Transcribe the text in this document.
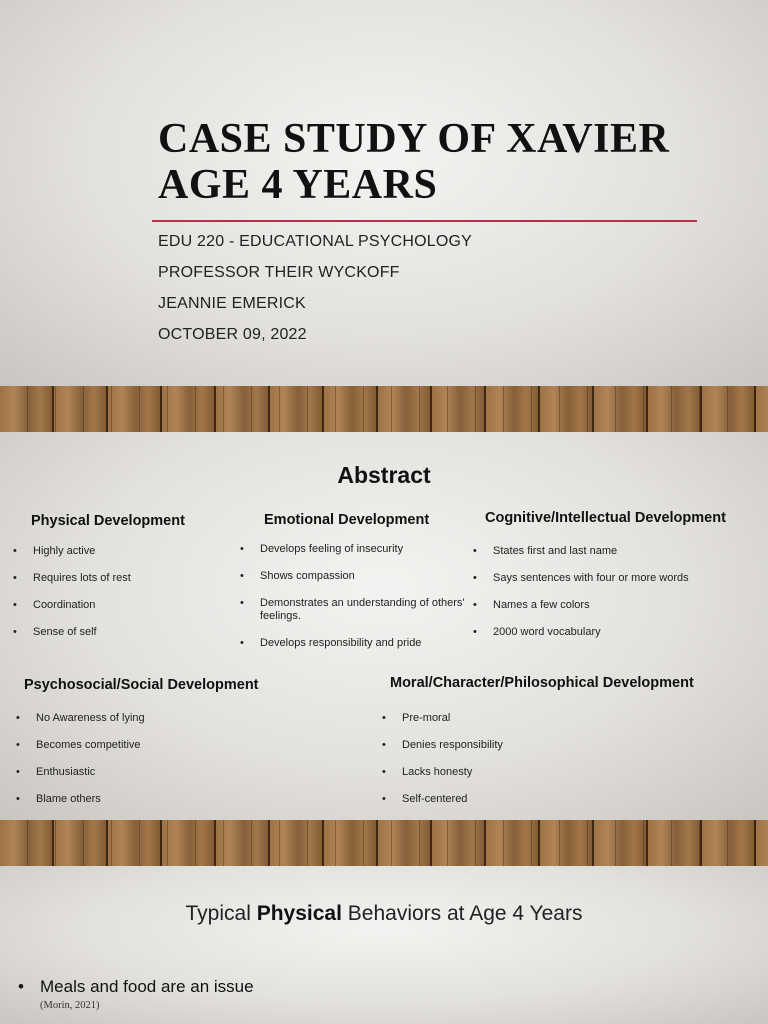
CASE STUDY OF XAVIER
AGE 4 YEARS
EDU 220 - EDUCATIONAL PSYCHOLOGY
PROFESSOR THEIR WYCKOFF
JEANNIE EMERICK
OCTOBER 09, 2022
Abstract
Physical Development
• Highly active
• Requires lots of rest
• Coordination
• Sense of self
Emotional Development
• Develops feeling of insecurity
• Shows compassion
• Demonstrates an understanding of others' feelings.
• Develops responsibility and pride
Cognitive/Intellectual Development
• States first and last name
• Says sentences with four or more words
• Names a few colors
• 2000 word vocabulary
Psychosocial/Social Development
• No Awareness of lying
• Becomes competitive
• Enthusiastic
• Blame others
Moral/Character/Philosophical Development
• Pre-moral
• Denies responsibility
• Lacks honesty
• Self-centered
Typical Physical Behaviors at Age 4 Years
• Meals and food are an issue
(Morin, 2021)
